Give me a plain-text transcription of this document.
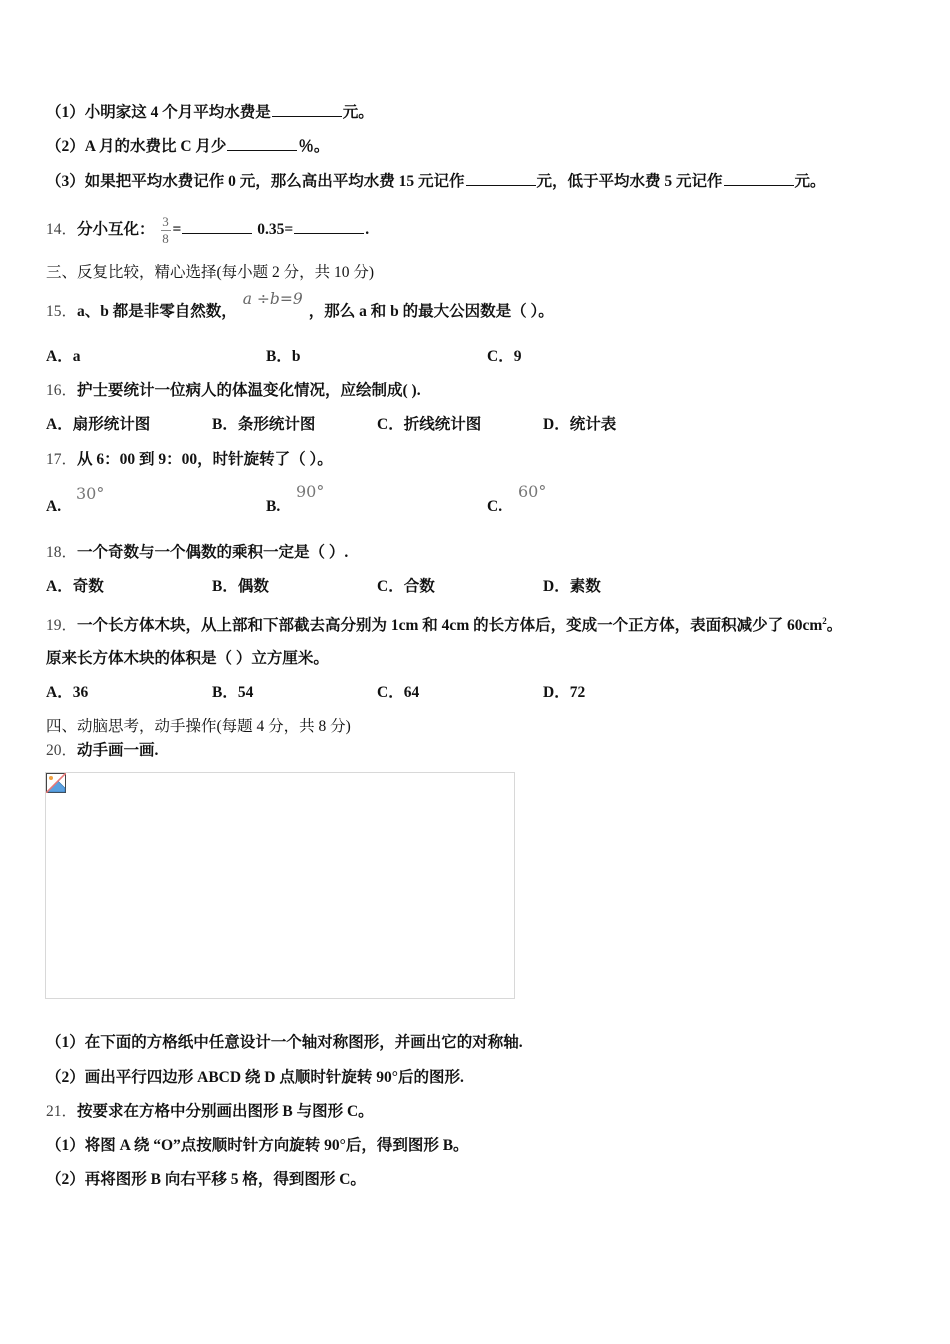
（1）小明家这 4 个月平均水费是	元。
（2）A 月的水费比 C 月少	％。
（3）如果把平均水费记作 0 元，那么高出平均水费 15 元记作	元，低于平均水费 5 元记作	元。
14．分小互化： $\frac{3}{8}$ =	0.35=	.
三、反复比较，精心选择(每小题 2 分，共 10 分)
15．a、b 都是非零自然数，a ÷b=9，那么 a 和 b 的最大公因数是（ ）。
A．a	B．b	C．9
16．护士要统计一位病人的体温变化情况，应绘制成( ).
A．扇形统计图	B．条形统计图	C．折线统计图	D．统计表
17．从 6：00 到 9：00，时针旋转了（ ）。
A.
30°
B.
90°
C.
60°
18．一个奇数与一个偶数的乘积一定是（ ）.
A．奇数	B．偶数	C．合数	D．素数
19．一个长方体木块，从上部和下部截去高分别为 1cm 和 4cm 的长方体后，变成一个正方体，表面积减少了 $60cm^2$。
原来长方体木块的体积是（ ）立方厘米。
A．36	B．54	C．64	D．72
四、动脑思考，动手操作(每题 4 分，共 8 分)
20．动手画一画.
（1）在下面的方格纸中任意设计一个轴对称图形，并画出它的对称轴.
（2）画出平行四边形 ABCD 绕 D 点顺时针旋转 90°后的图形.
21．按要求在方格中分别画出图形 B 与图形 C。
（1）将图 A 绕 “O”点按顺时针方向旋转 90°后，得到图形 B。
（2）再将图形 B 向右平移 5 格，得到图形 C。
